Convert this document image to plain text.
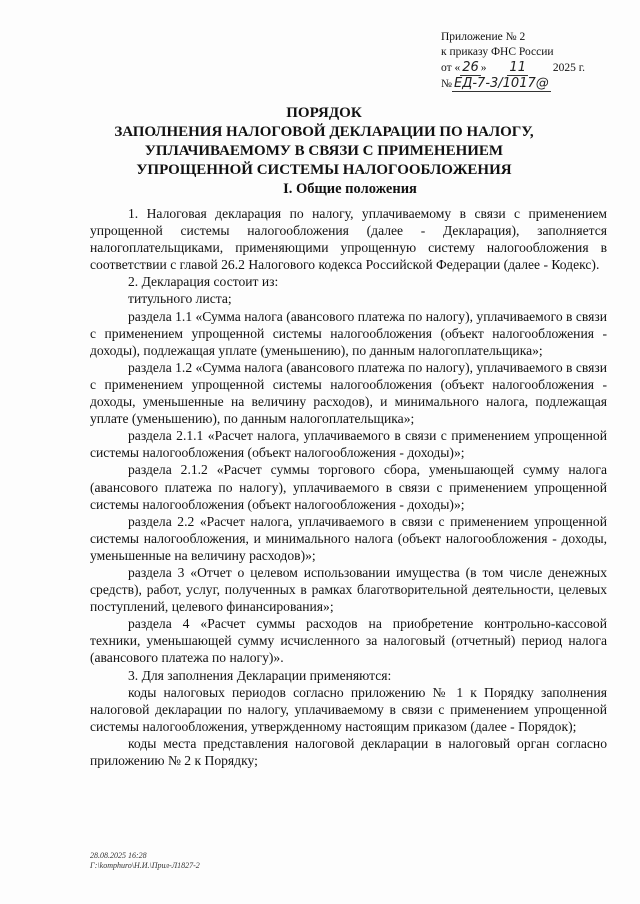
Приложение № 2
к приказу ФНС России
от « 26 » 11 2025 г.
№ ЕД-7-3/1017@
ПОРЯДОК
ЗАПОЛНЕНИЯ НАЛОГОВОЙ ДЕКЛАРАЦИИ ПО НАЛОГУ,
УПЛАЧИВАЕМОМУ В СВЯЗИ С ПРИМЕНЕНИЕМ
УПРОЩЕННОЙ СИСТЕМЫ НАЛОГООБЛОЖЕНИЯ
I. Общие положения

1. Налоговая декларация по налогу, уплачиваемому в связи с применением упрощенной системы налогообложения (далее - Декларация), заполняется налогоплательщиками, применяющими упрощенную систему налогообложения в соответствии с главой 26.2 Налогового кодекса Российской Федерации (далее - Кодекс).

2. Декларация состоит из:

титульного листа;

раздела 1.1 «Сумма налога (авансового платежа по налогу), уплачиваемого в связи с применением упрощенной системы налогообложения (объект налогообложения - доходы), подлежащая уплате (уменьшению), по данным налогоплательщика»;

раздела 1.2 «Сумма налога (авансового платежа по налогу), уплачиваемого в связи с применением упрощенной системы налогообложения (объект налогообложения - доходы, уменьшенные на величину расходов), и минимального налога, подлежащая уплате (уменьшению), по данным налогоплательщика»;

раздела 2.1.1 «Расчет налога, уплачиваемого в связи с применением упрощенной системы налогообложения (объект налогообложения - доходы)»;

раздела 2.1.2 «Расчет суммы торгового сбора, уменьшающей сумму налога (авансового платежа по налогу), уплачиваемого в связи с применением упрощенной системы налогообложения (объект налогообложения - доходы)»;

раздела 2.2 «Расчет налога, уплачиваемого в связи с применением упрощенной системы налогообложения, и минимального налога (объект налогообложения - доходы, уменьшенные на величину расходов)»;

раздела 3 «Отчет о целевом использовании имущества (в том числе денежных средств), работ, услуг, полученных в рамках благотворительной деятельности, целевых поступлений, целевого финансирования»;

раздела 4 «Расчет суммы расходов на приобретение контрольно-кассовой техники, уменьшающей сумму исчисленного за налоговый (отчетный) период налога (авансового платежа по налогу)».

3. Для заполнения Декларации применяются:

коды налоговых периодов согласно приложению № 1 к Порядку заполнения налоговой декларации по налогу, уплачиваемому в связи с применением упрощенной системы налогообложения, утвержденному настоящим приказом (далее - Порядок);

коды места представления налоговой декларации в налоговый орган согласно приложению № 2 к Порядку;

28.08.2025 16:28
Г:\komphuro\Н.И.\Прил-Л1827-2
